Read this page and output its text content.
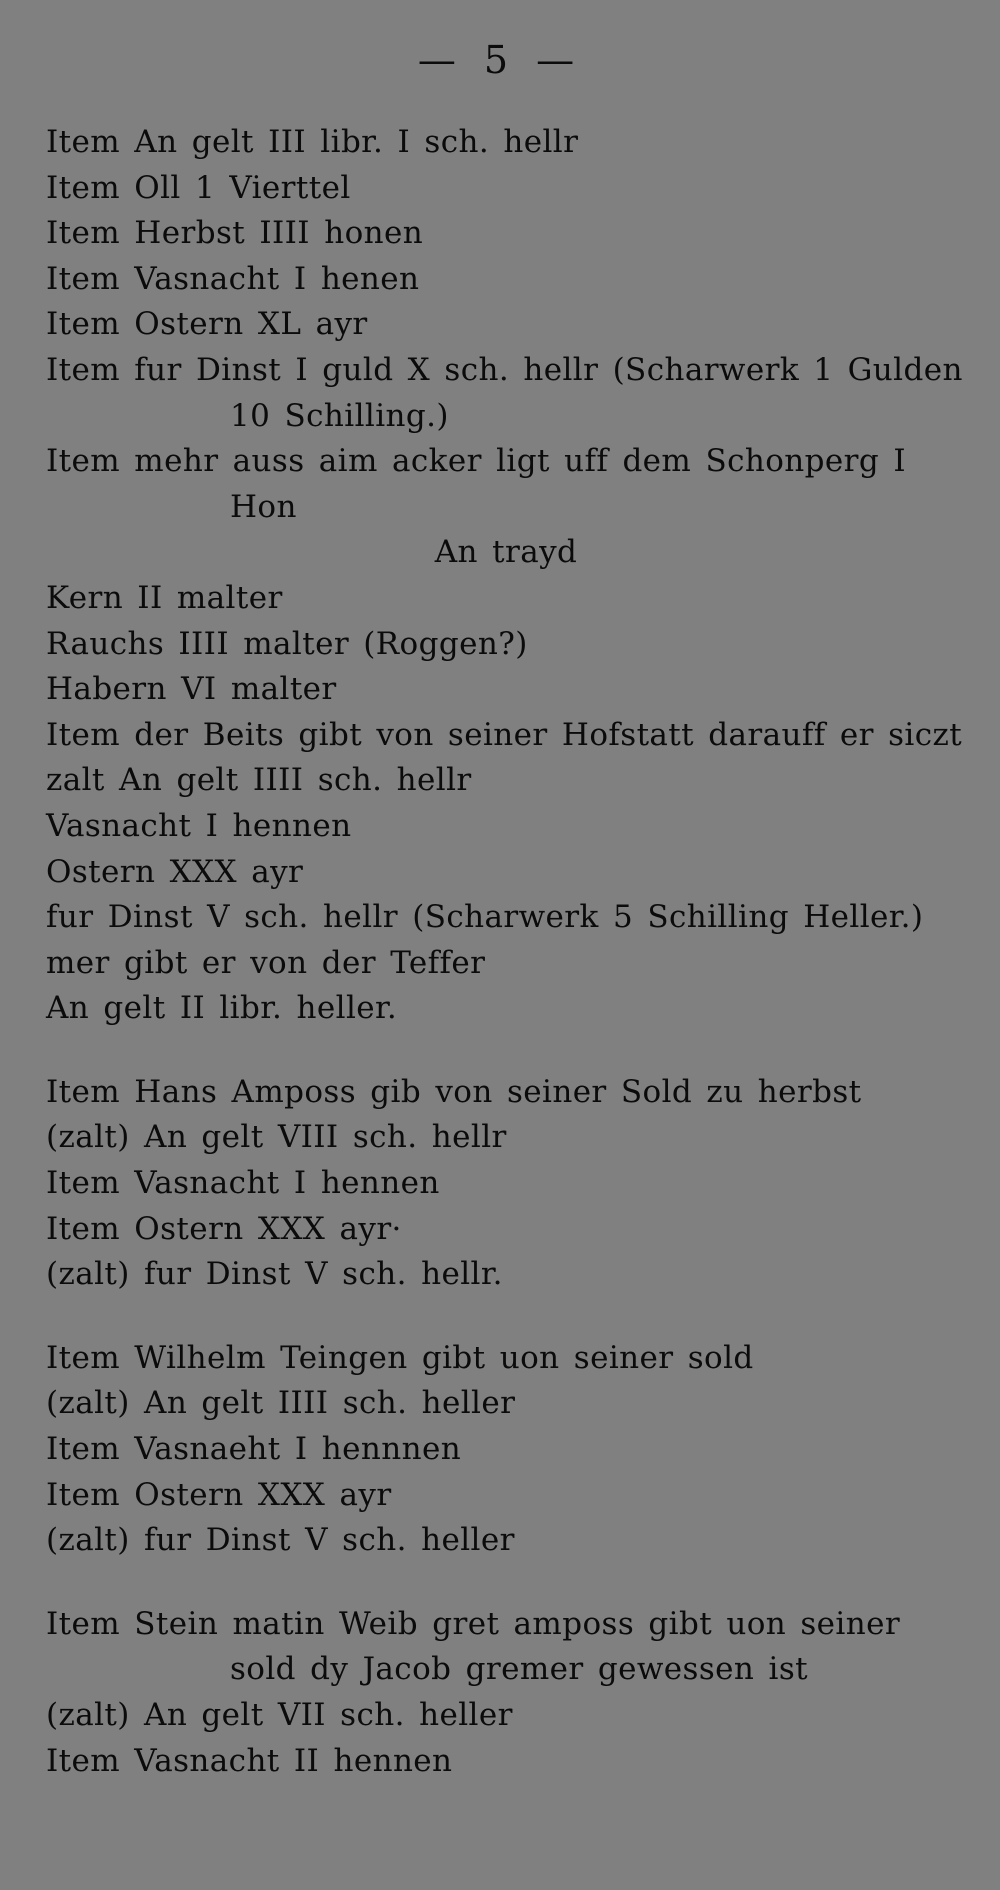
— 5 —
Item An gelt III libr. I sch. hellr
Item Oll 1 Vierttel
Item Herbst IIII honen
Item Vasnacht I henen
Item Ostern XL ayr
Item fur Dinst I guld X sch. hellr (Scharwerk 1 Gulden
10 Schilling.)
Item mehr auss aim acker ligt uff dem Schonperg I
Hon
An trayd
Kern II malter
Rauchs IIII malter (Roggen?)
Habern VI malter
Item der Beits gibt von seiner Hofstatt darauff er siczt
zalt An gelt IIII sch. hellr
Vasnacht I hennen
Ostern XXX ayr
fur Dinst V sch. hellr (Scharwerk 5 Schilling Heller.)
mer gibt er von der Teffer
An gelt II libr. heller.
Item Hans Amposs gib von seiner Sold zu herbst
(zalt) An gelt VIII sch. hellr
Item Vasnacht I hennen
Item Ostern XXX ayr·
(zalt) fur Dinst V sch. hellr.
Item Wilhelm Teingen gibt uon seiner sold
(zalt) An gelt IIII sch. heller
Item Vasnaeht I hennnen
Item Ostern XXX ayr
(zalt) fur Dinst V sch. heller
Item Stein matin Weib gret amposs gibt uon seiner
sold dy Jacob gremer gewessen ist
(zalt) An gelt VII sch. heller
Item Vasnacht II hennen
